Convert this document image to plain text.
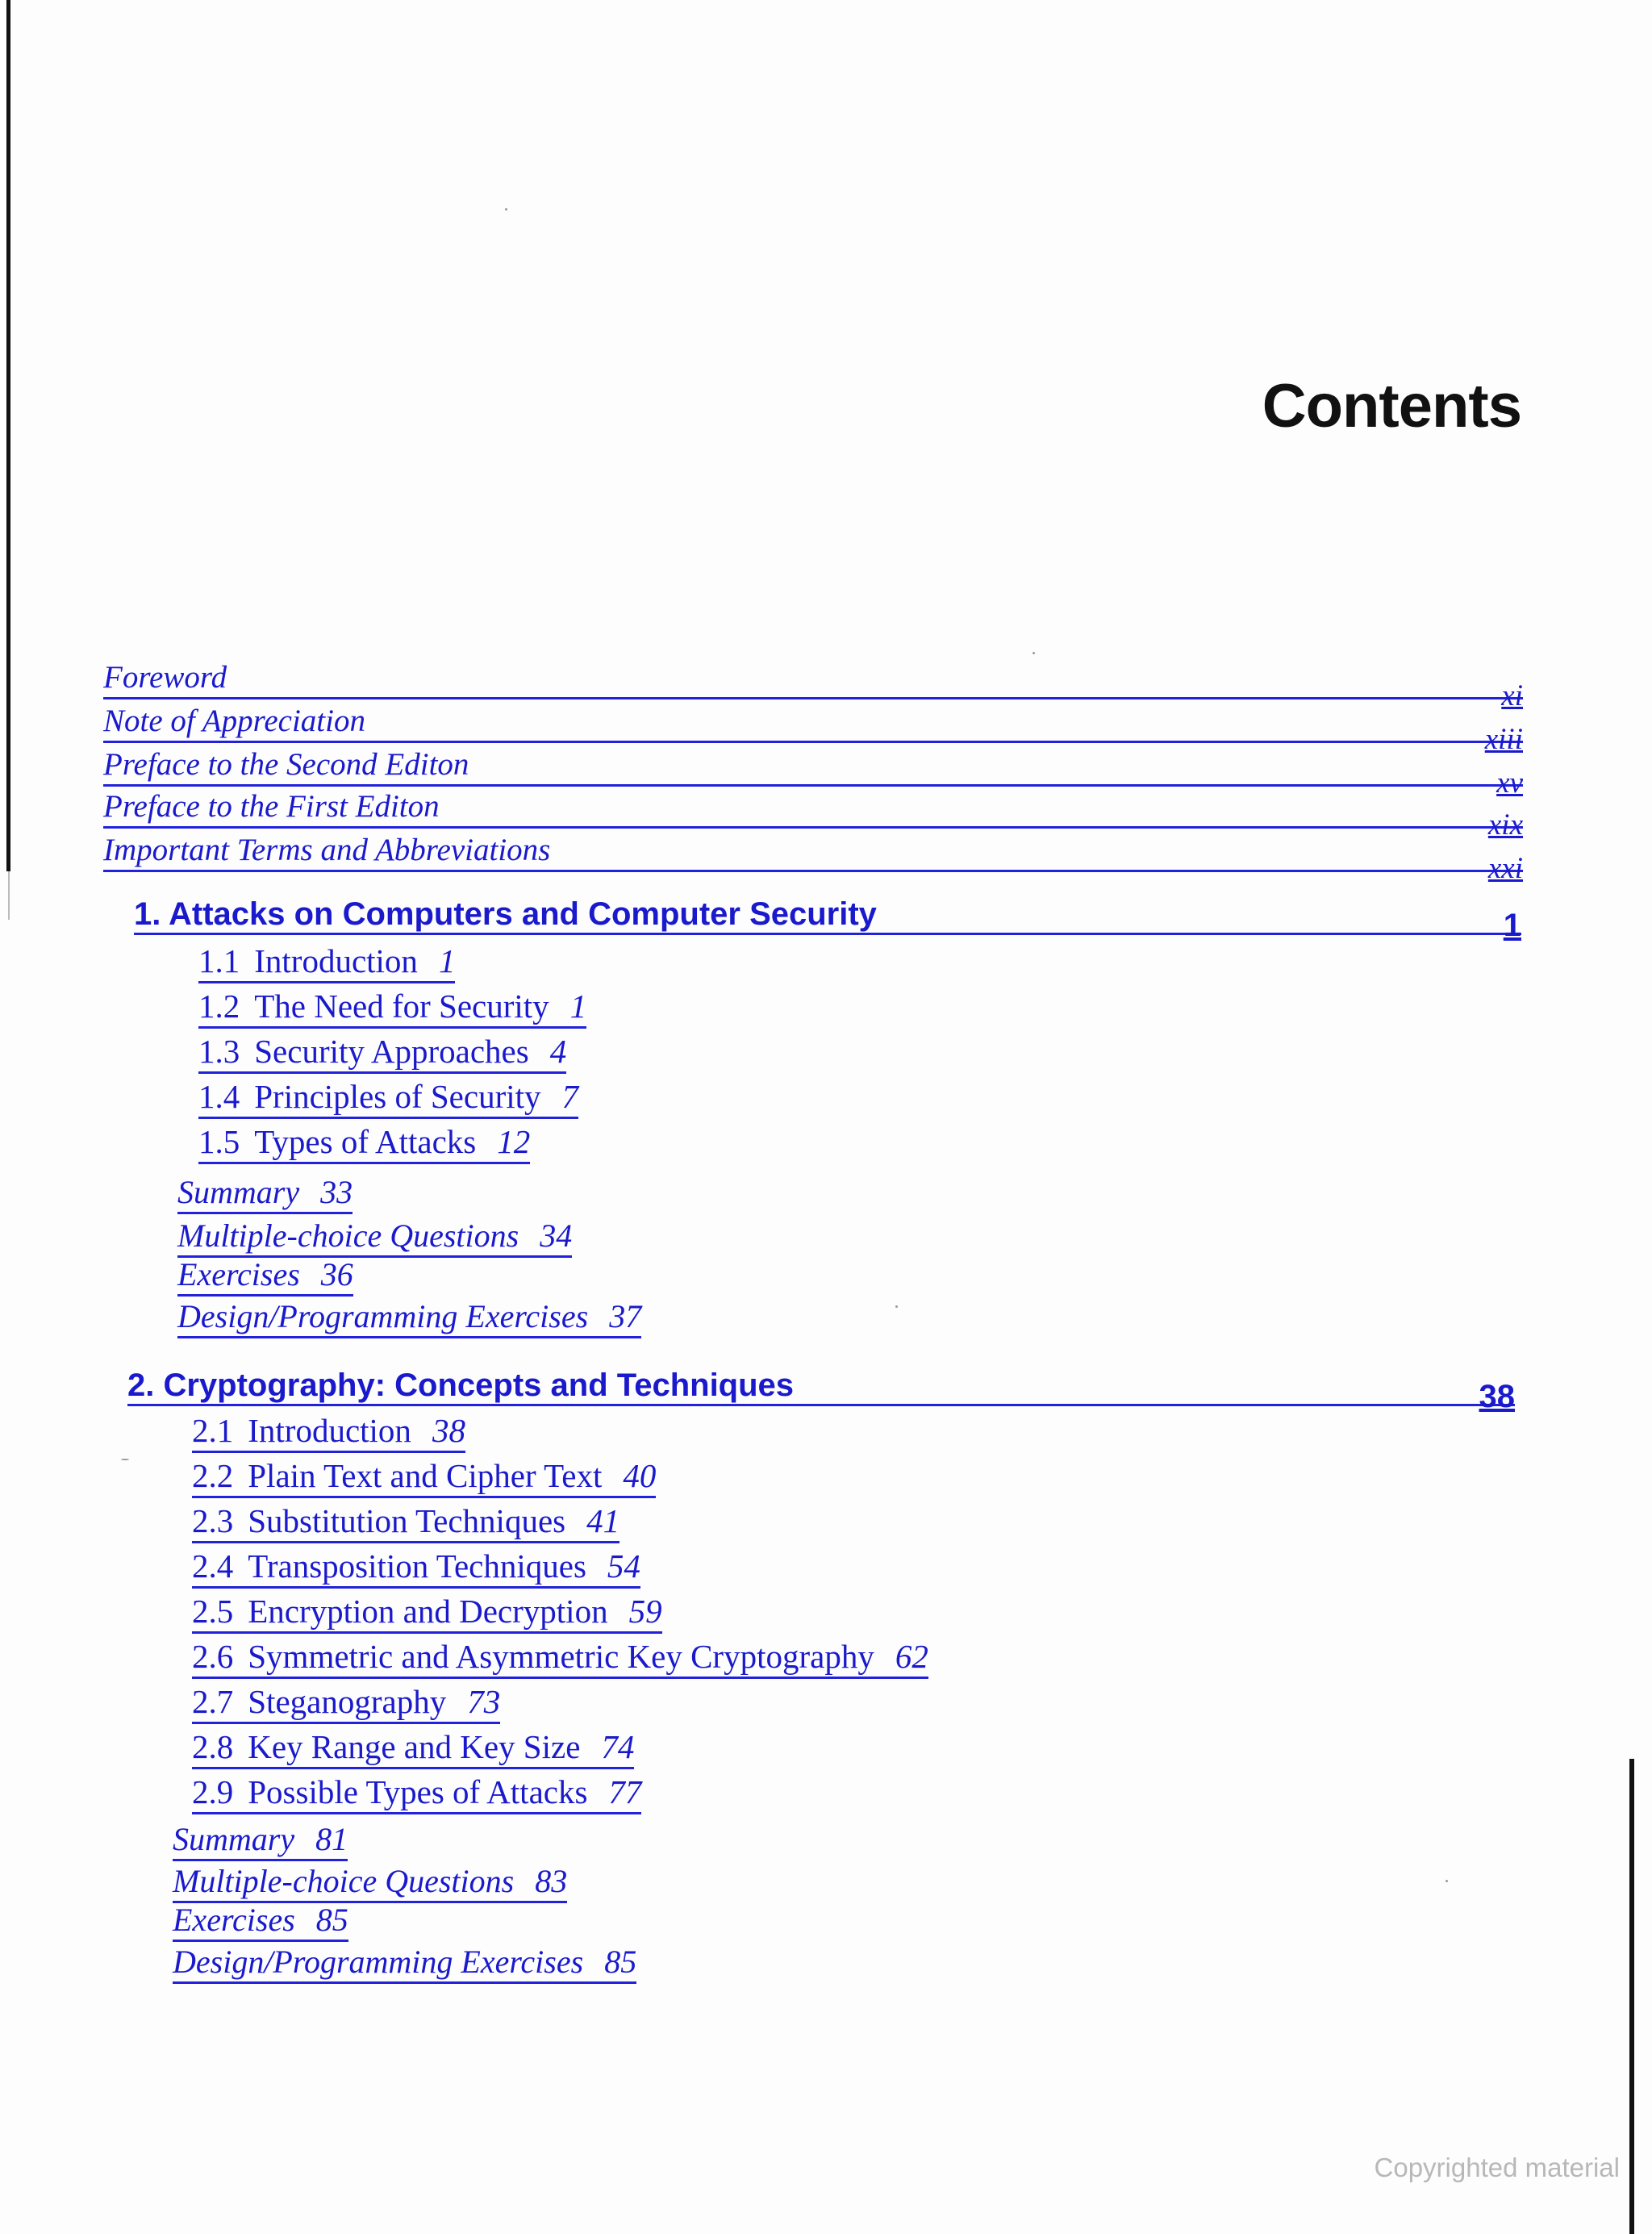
Contents
Foreword
xi
Note of Appreciation
xiii
Preface to the Second Editon
xv
Preface to the First Editon
xix
Important Terms and Abbreviations
xxi
1. Attacks on Computers and Computer Security	1
1.1 Introduction 1
1.2 The Need for Security 1
1.3 Security Approaches 4
1.4 Principles of Security 7
1.5 Types of Attacks 12
Summary 33
Multiple-choice Questions 34
Exercises 36
Design/Programming Exercises 37
2. Cryptography: Concepts and Techniques	38
2.1 Introduction 38
2.2 Plain Text and Cipher Text 40
2.3 Substitution Techniques 41
2.4 Transposition Techniques 54
2.5 Encryption and Decryption 59
2.6 Symmetric and Asymmetric Key Cryptography 62
2.7 Steganography 73
2.8 Key Range and Key Size 74
2.9 Possible Types of Attacks 77
Summary 81
Multiple-choice Questions 83
Exercises 85
Design/Programming Exercises 85
Copyrighted material
